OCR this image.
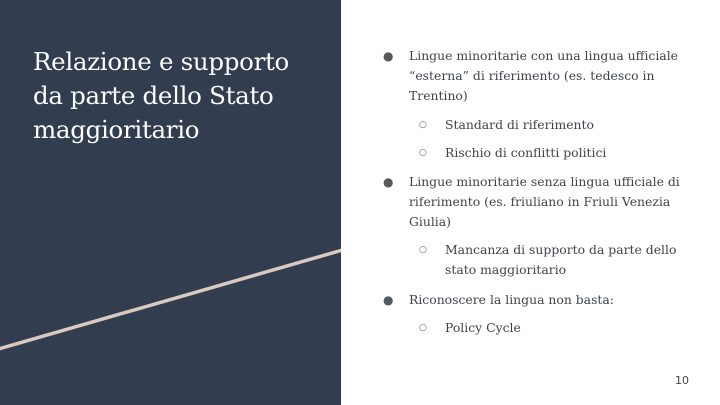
Relazione e supporto da parte dello Stato maggioritario
● Lingue minoritarie con una lingua ufficiale “esterna” di riferimento (es. tedesco in Trentino)
○ Standard di riferimento
○ Rischio di conflitti politici
● Lingue minoritarie senza lingua ufficiale di riferimento (es. friuliano in Friuli Venezia Giulia)
○ Mancanza di supporto da parte dello stato maggioritario
● Riconoscere la lingua non basta:
○ Policy Cycle
10
